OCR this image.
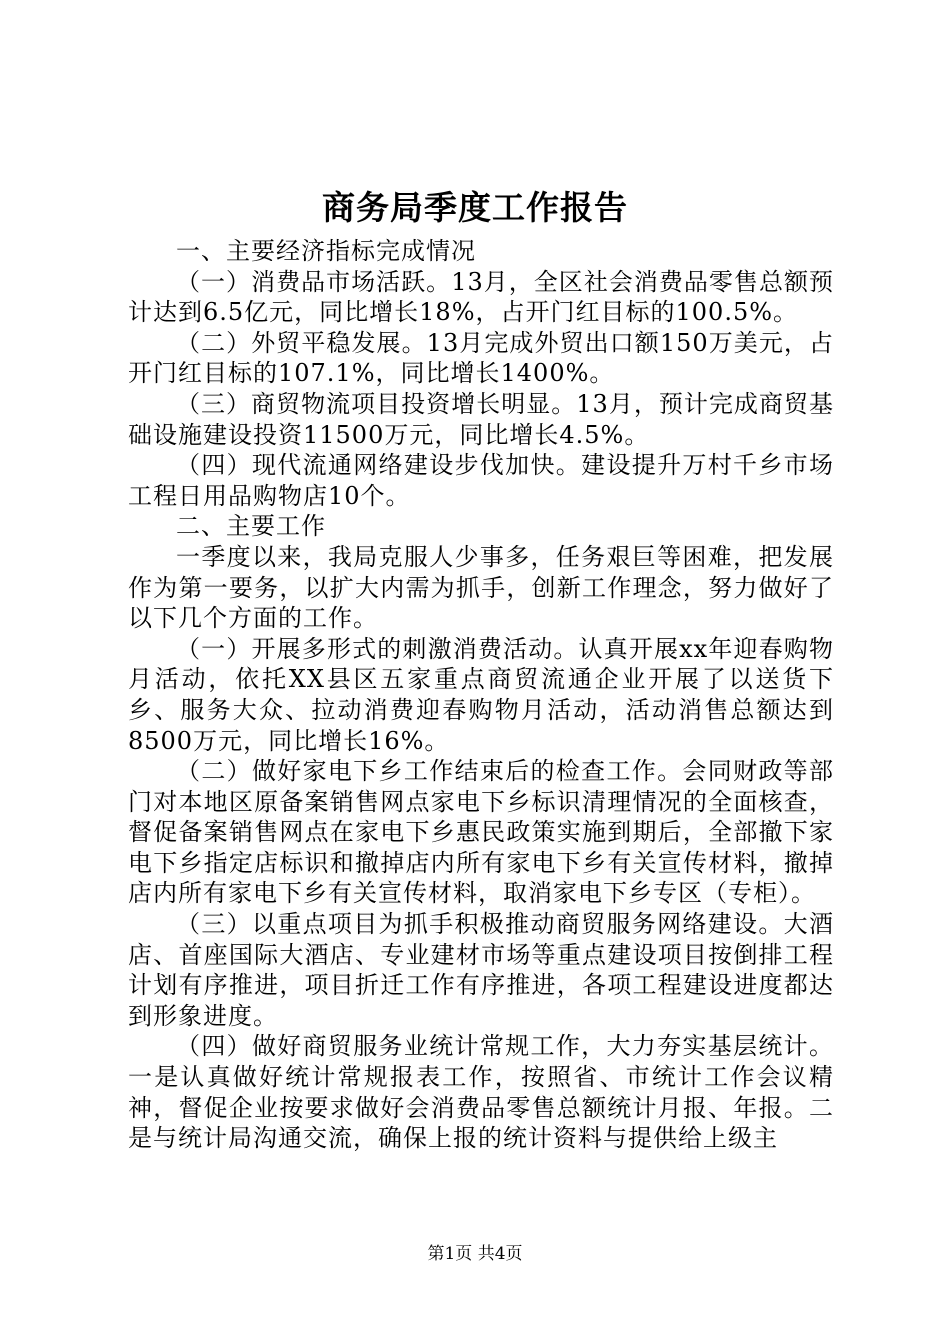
商务局季度工作报告

一、主要经济指标完成情况

（一）消费品市场活跃。13月，全区社会消费品零售总额预计达到6.5亿元，同比增长18%，占开门红目标的100.5%。

（二）外贸平稳发展。13月完成外贸出口额150万美元，占开门红目标的107.1%，同比增长1400%。

（三）商贸物流项目投资增长明显。13月，预计完成商贸基础设施建设投资11500万元，同比增长4.5%。

（四）现代流通网络建设步伐加快。建设提升万村千乡市场工程日用品购物店10个。

二、主要工作

一季度以来，我局克服人少事多，任务艰巨等困难，把发展作为第一要务，以扩大内需为抓手，创新工作理念，努力做好了以下几个方面的工作。

（一）开展多形式的刺激消费活动。认真开展xx年迎春购物月活动，依托XX县区五家重点商贸流通企业开展了以送货下乡、服务大众、拉动消费迎春购物月活动，活动消售总额达到8500万元，同比增长16%。

（二）做好家电下乡工作结束后的检查工作。会同财政等部门对本地区原备案销售网点家电下乡标识清理情况的全面核查，督促备案销售网点在家电下乡惠民政策实施到期后，全部撤下家电下乡指定店标识和撤掉店内所有家电下乡有关宣传材料，撤掉店内所有家电下乡有关宣传材料，取消家电下乡专区（专柜）。

（三）以重点项目为抓手积极推动商贸服务网络建设。大酒店、首座国际大酒店、专业建材市场等重点建设项目按倒排工程计划有序推进，项目折迁工作有序推进，各项工程建设进度都达到形象进度。

（四）做好商贸服务业统计常规工作，大力夯实基层统计。一是认真做好统计常规报表工作，按照省、市统计工作会议精神，督促企业按要求做好会消费品零售总额统计月报、年报。二是与统计局沟通交流，确保上报的统计资料与提供给上级主

第1页 共4页
